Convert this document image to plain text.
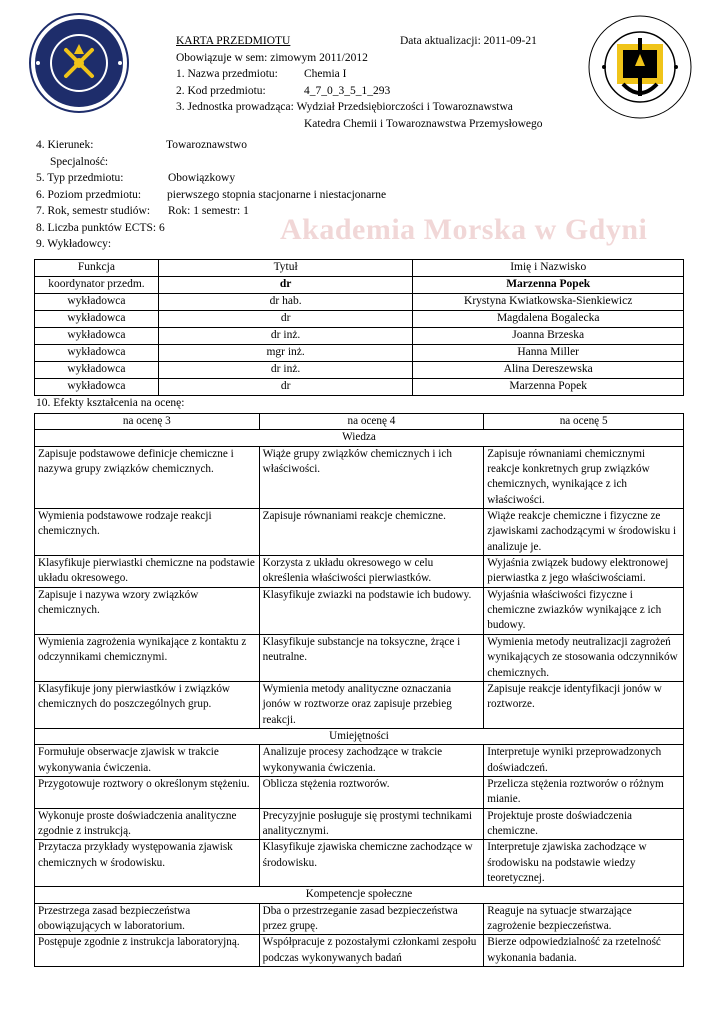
Akademia Morska w Gdyni
KARTA PRZEDMIOTU	Data aktualizacji: 2011-09-21
Obowiązuje w sem: zimowym 2011/2012
1. Nazwa przedmiotu: Chemia I
2. Kod przedmiotu:	4_7_0_3_5_1_293
3. Jednostka prowadząca: Wydział Przedsiębiorczości i Towaroznawstwa
Katedra Chemii i Towaroznawstwa Przemysłowego
4. Kierunek:	Towaroznawstwo
Specjalność:
5. Typ przedmiotu:	Obowiązkowy
6. Poziom przedmiotu: pierwszego stopnia stacjonarne i niestacjonarne
7. Rok, semestr studiów: Rok: 1 semestr: 1
8. Liczba punktów ECTS: 6
9. Wykładowcy:
Funkcja	Tytuł	Imię i Nazwisko
koordynator przedm.	dr	Marzenna Popek
wykładowca	dr hab.	Krystyna Kwiatkowska-Sienkiewicz
wykładowca	dr	Magdalena Bogalecka
wykładowca	dr inż.	Joanna Brzeska
wykładowca	mgr inż.	Hanna Miller
wykładowca	dr inż.	Alina Dereszewska
wykładowca	dr	Marzenna Popek
10. Efekty kształcenia na ocenę:
na ocenę 3	na ocenę 4	na ocenę 5
Wiedza		
Zapisuje podstawowe definicje chemiczne i nazywa grupy związków chemicznych.	Wiąże grupy związków chemicznych i ich właściwości.	Zapisuje równaniami chemicznymi reakcje konkretnych grup związków chemicznych, wynikające z ich właściwości.
Wymienia podstawowe rodzaje reakcji chemicznych.	Zapisuje równaniami reakcje chemiczne.	Wiąże reakcje chemiczne i fizyczne ze zjawiskami zachodzącymi w środowisku i analizuje je.
Klasyfikuje pierwiastki chemiczne na podstawie układu okresowego.	Korzysta z układu okresowego w celu określenia właściwości pierwiastków.	Wyjaśnia związek budowy elektronowej pierwiastka z jego właściwościami.
Zapisuje i nazywa wzory związków chemicznych.	Klasyfikuje zwiazki na podstawie ich budowy.	Wyjaśnia właściwości fizyczne i chemiczne zwiazków wynikające z ich budowy.
Wymienia zagrożenia wynikające z kontaktu z odczynnikami chemicznymi.	Klasyfikuje substancje na toksyczne, żrące i neutralne.	Wymienia metody neutralizacji zagrożeń wynikających ze stosowania odczynników chemicznych.
Klasyfikuje jony pierwiastków i związków chemicznych do poszczególnych grup.	Wymienia metody analityczne oznaczania jonów w roztworze oraz zapisuje przebieg reakcji.	Zapisuje reakcje identyfikacji jonów w roztworze.
Umiejętności		
Formułuje obserwacje zjawisk w trakcie wykonywania ćwiczenia.	Analizuje procesy zachodzące w trakcie wykonywania ćwiczenia.	Interpretuje wyniki przeprowadzonych doświadczeń.
Przygotowuje roztwory o określonym stężeniu.	Oblicza stężenia roztworów.	Przelicza stężenia roztworów o różnym mianie.
Wykonuje proste doświadczenia analityczne zgodnie z instrukcją.	Precyzyjnie posługuje się prostymi technikami analitycznymi.	Projektuje proste doświadczenia chemiczne.
Przytacza przykłady występowania zjawisk chemicznych w środowisku.	Klasyfikuje zjawiska chemiczne zachodzące w środowisku.	Interpretuje zjawiska zachodzące w środowisku na podstawie wiedzy teoretycznej.
Kompetencje społeczne		
Przestrzega zasad bezpieczeństwa obowiązujących w laboratorium.	Dba o przestrzeganie zasad bezpieczeństwa przez grupę.	Reaguje na sytuacje stwarzające zagrożenie bezpieczeństwa.
Postępuje zgodnie z instrukcja laboratoryjną.	Współpracuje z pozostałymi członkami zespołu podczas wykonywanych badań	Bierze odpowiedzialność za rzetelność wykonania badania.
